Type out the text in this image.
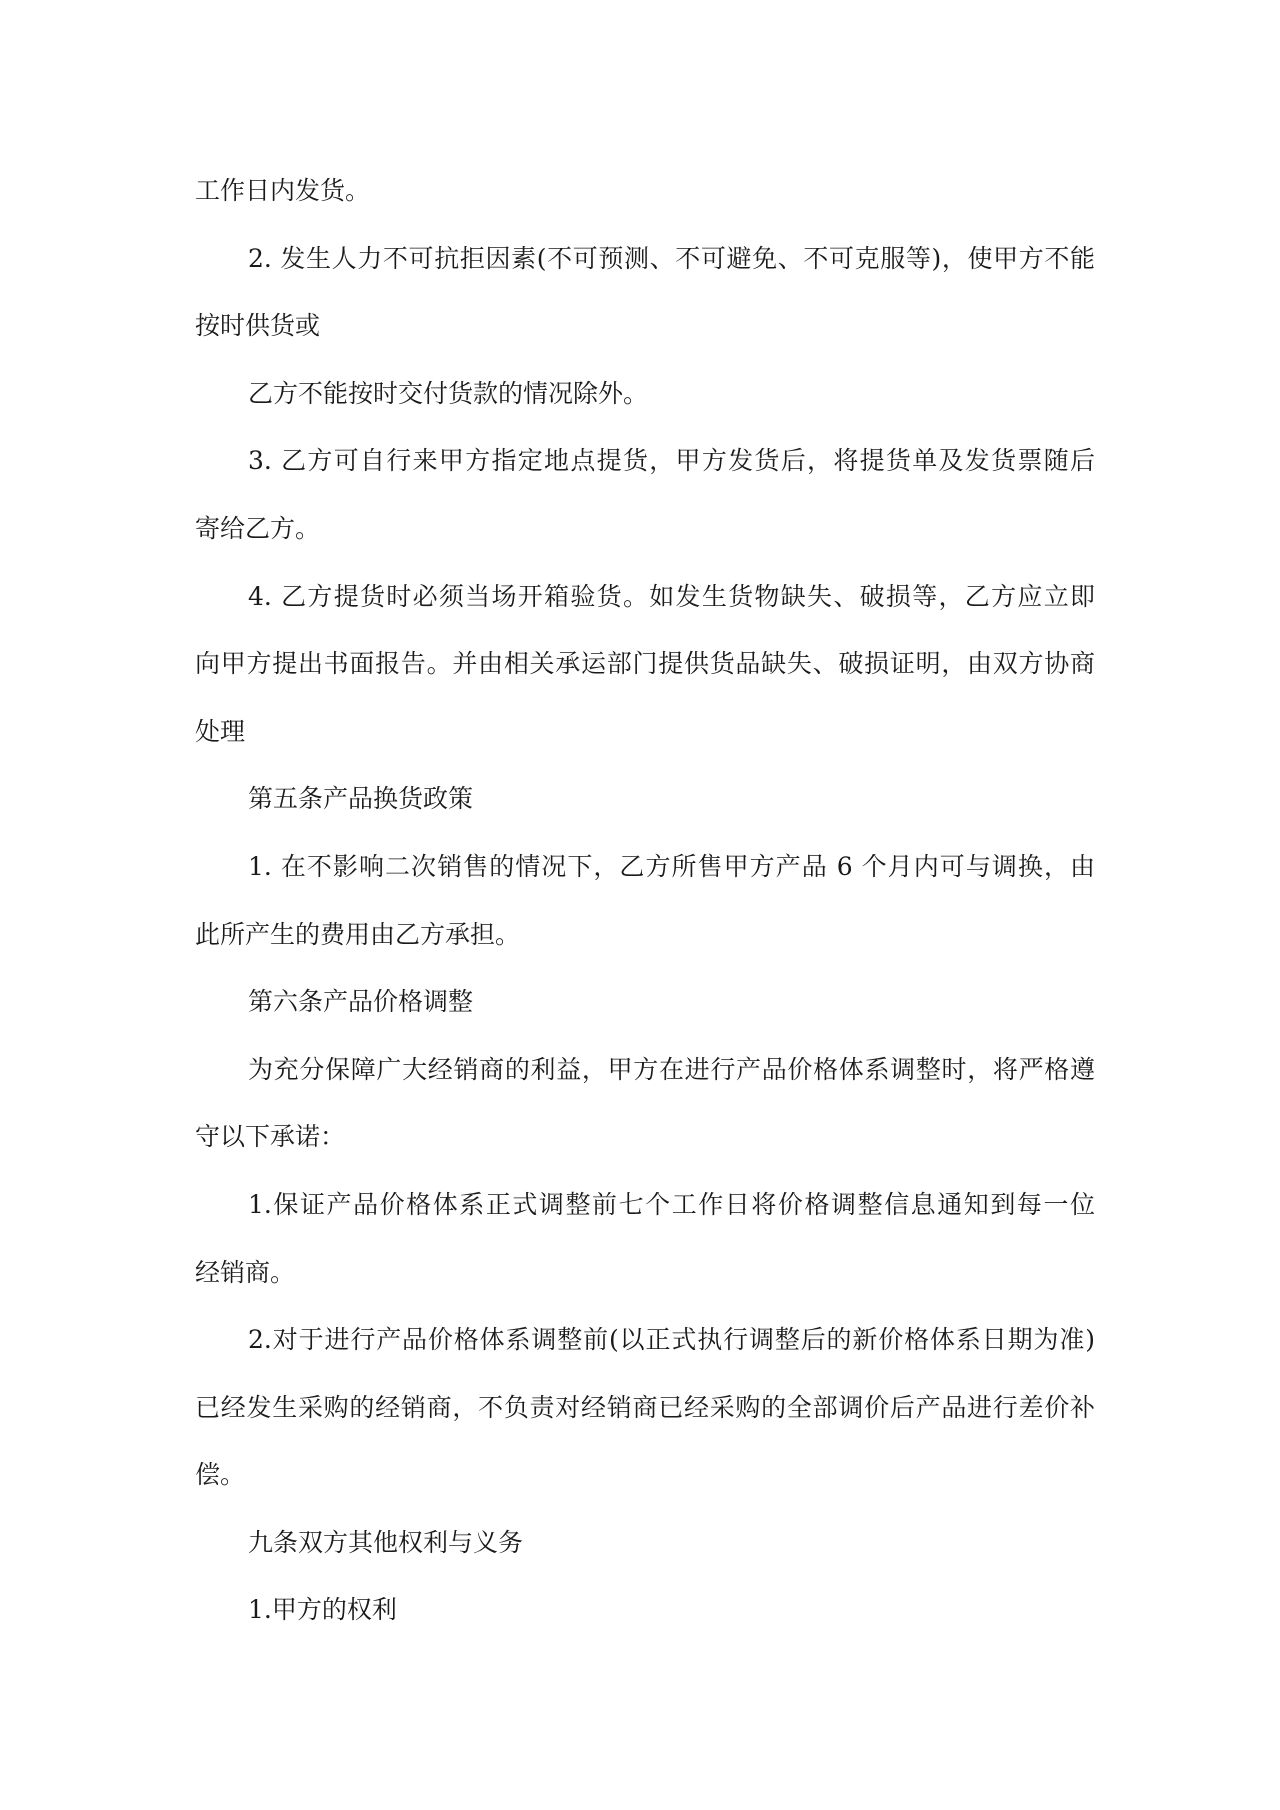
工作日内发货。
2. 发生人力不可抗拒因素(不可预测、不可避免、不可克服等)，使甲方不能
按时供货或
乙方不能按时交付货款的情况除外。
3. 乙方可自行来甲方指定地点提货，甲方发货后，将提货单及发货票随后
寄给乙方。
4. 乙方提货时必须当场开箱验货。如发生货物缺失、破损等，乙方应立即
向甲方提出书面报告。并由相关承运部门提供货品缺失、破损证明，由双方协商
处理
第五条产品换货政策
1. 在不影响二次销售的情况下，乙方所售甲方产品 6 个月内可与调换，由
此所产生的费用由乙方承担。
第六条产品价格调整
为充分保障广大经销商的利益，甲方在进行产品价格体系调整时，将严格遵
守以下承诺：
1.保证产品价格体系正式调整前七个工作日将价格调整信息通知到每一位
经销商。
2.对于进行产品价格体系调整前(以正式执行调整后的新价格体系日期为准)
已经发生采购的经销商，不负责对经销商已经采购的全部调价后产品进行差价补
偿。
九条双方其他权利与义务
1.甲方的权利
